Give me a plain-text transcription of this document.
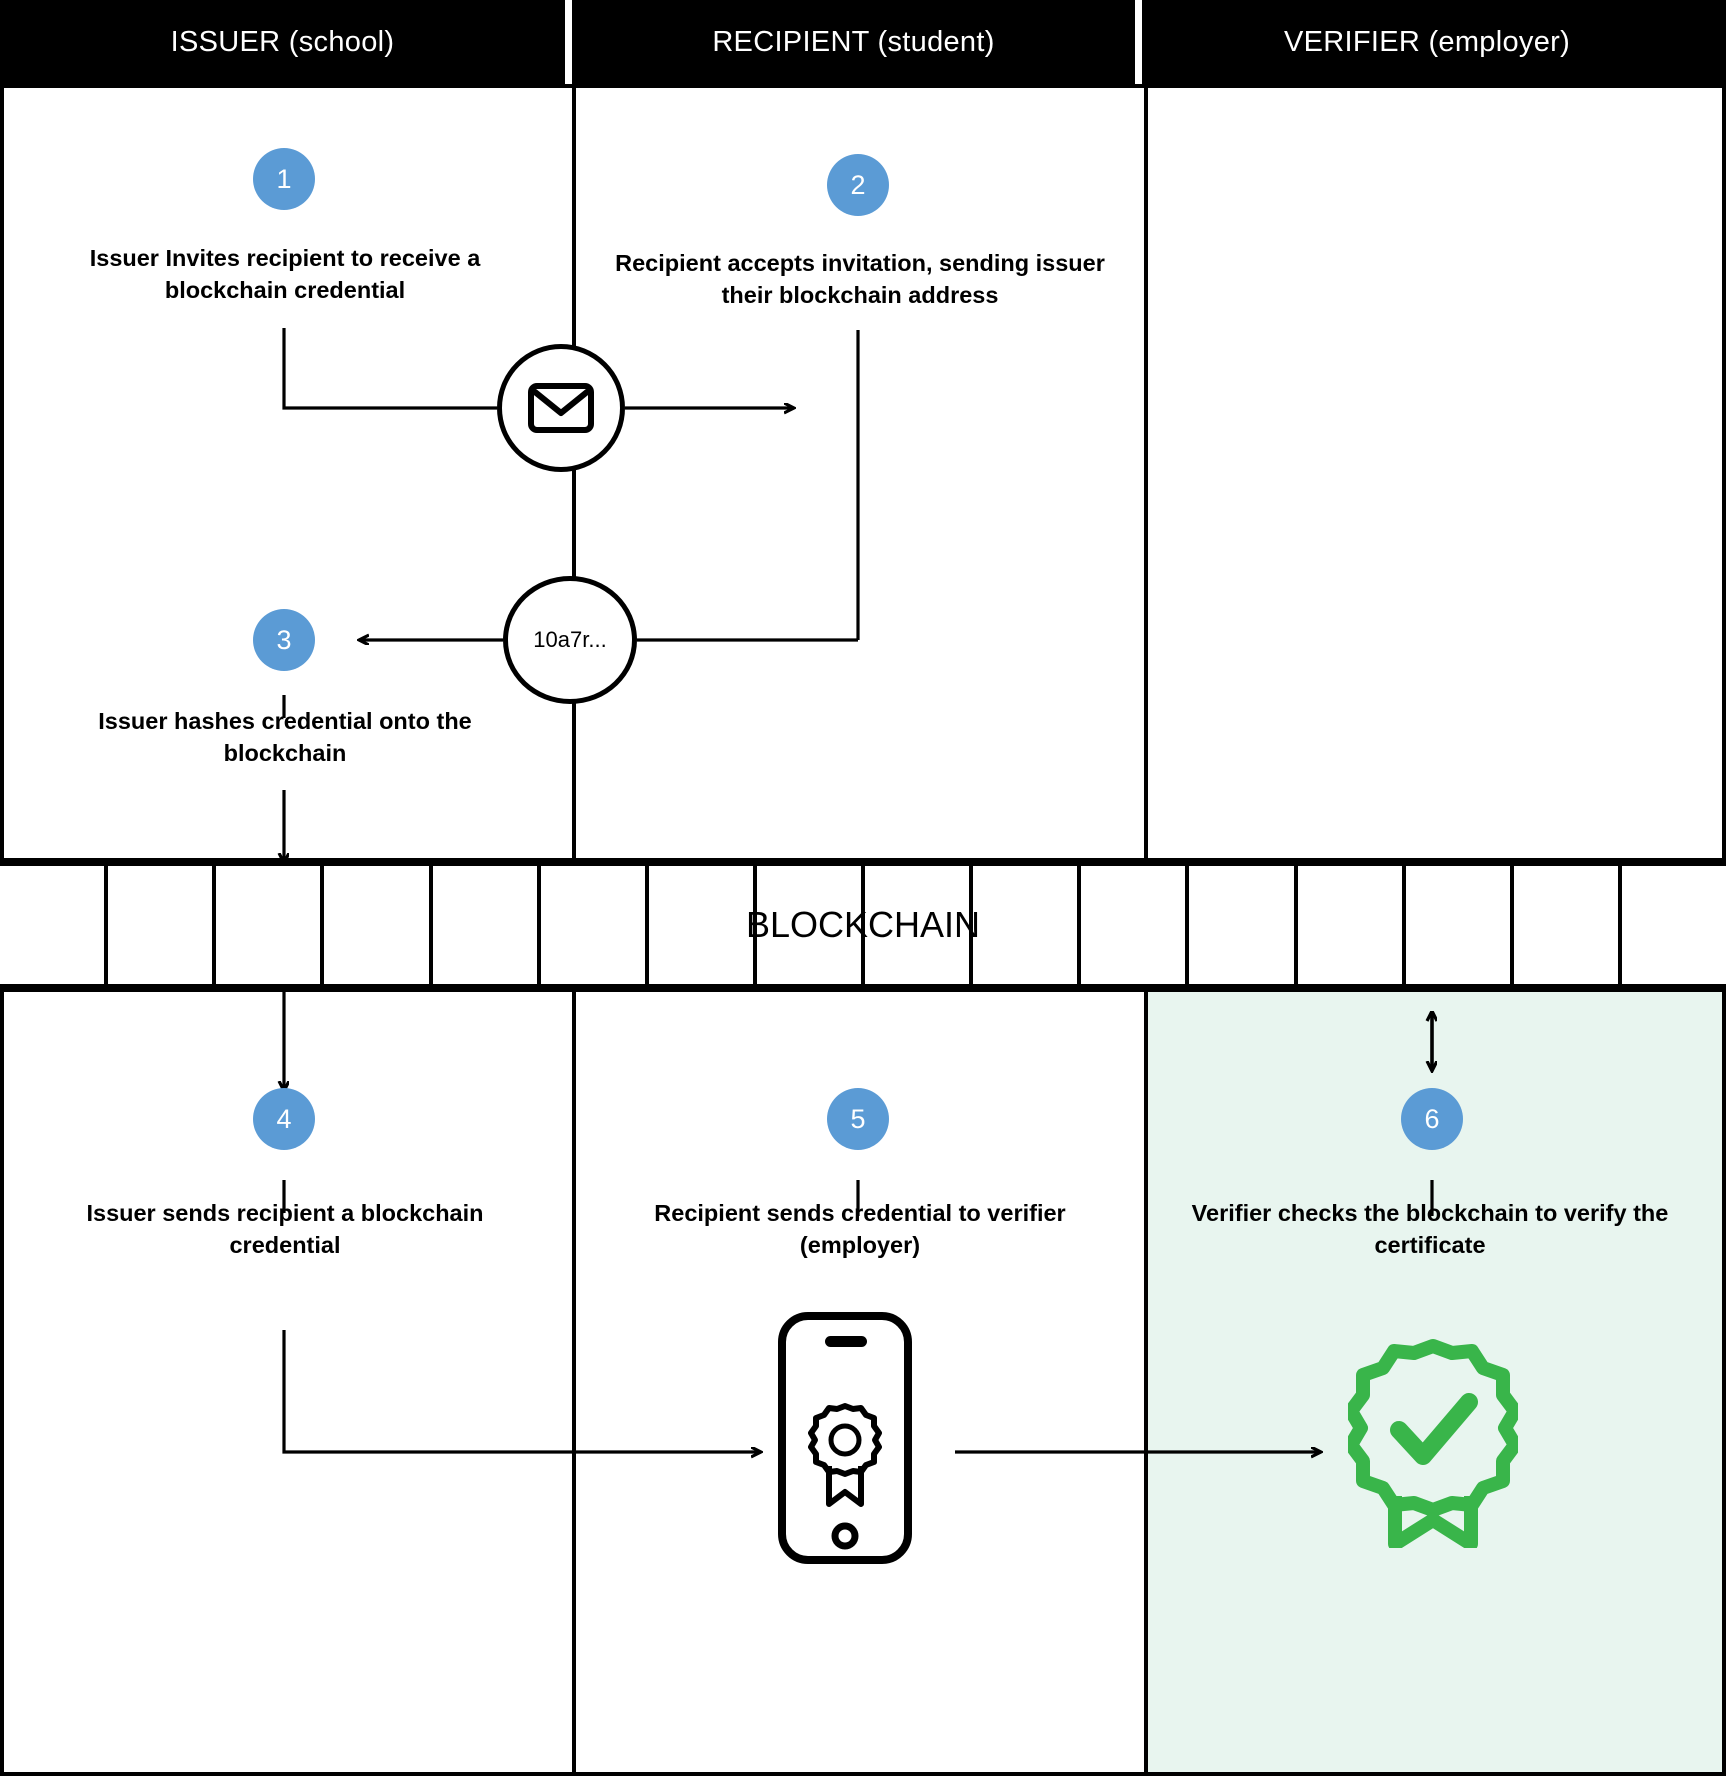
ISSUER (school)	RECIPIENT (student)	VERIFIER (employer)
BLOCKCHAIN
10a7r...
1	2
3
4	5	6
Issuer Invites recipient to receive a blockchain credential
Recipient accepts invitation, sending issuer their blockchain address
Issuer hashes credential onto the blockchain
Issuer sends recipient a blockchain credential
Recipient sends credential to verifier (employer)
Verifier checks the blockchain to verify the certificate
